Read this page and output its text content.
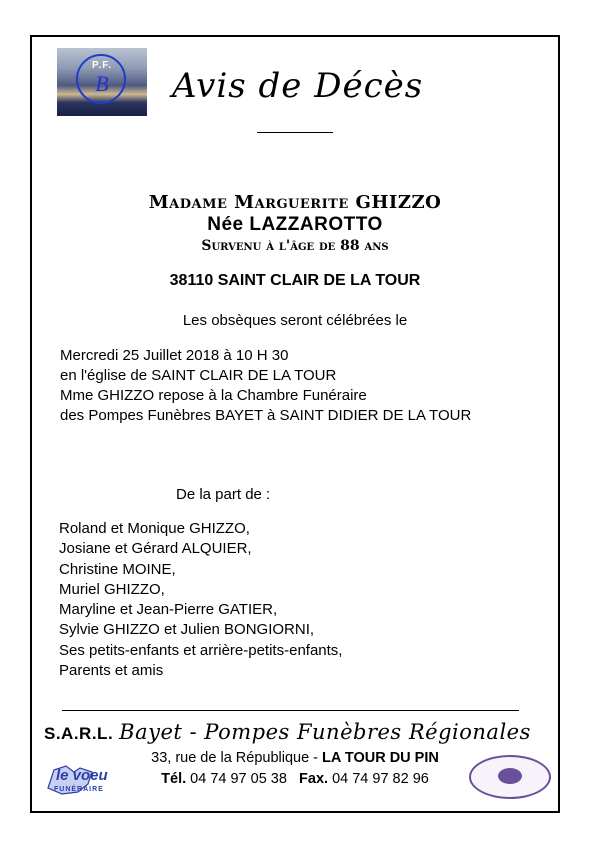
P.F.
B	Avis de Décès
Madame Marguerite GHIZZO
Née LAZZAROTTO
Survenu à l'âge de 88 ans
38110 SAINT CLAIR DE LA TOUR
Les obsèques seront célébrées le
Mercredi 25 Juillet 2018 à 10 H 30
en l'église de SAINT CLAIR DE LA TOUR
Mme GHIZZO repose à la Chambre Funéraire
des Pompes Funèbres BAYET à SAINT DIDIER DE LA TOUR
De la part de :
Roland et Monique GHIZZO,
Josiane et Gérard ALQUIER,
Christine MOINE,
Muriel GHIZZO,
Maryline et Jean-Pierre GATIER,
Sylvie GHIZZO et Julien BONGIORNI,
Ses petits-enfants et arrière-petits-enfants,
Parents et amis
S.A.R.L. Bayet - Pompes Funèbres Régionales
33, rue de la République - LA TOUR DU PIN
Tél. 04 74 97 05 38 Fax. 04 74 97 82 96
le voeu
FUNÉRAIRE
